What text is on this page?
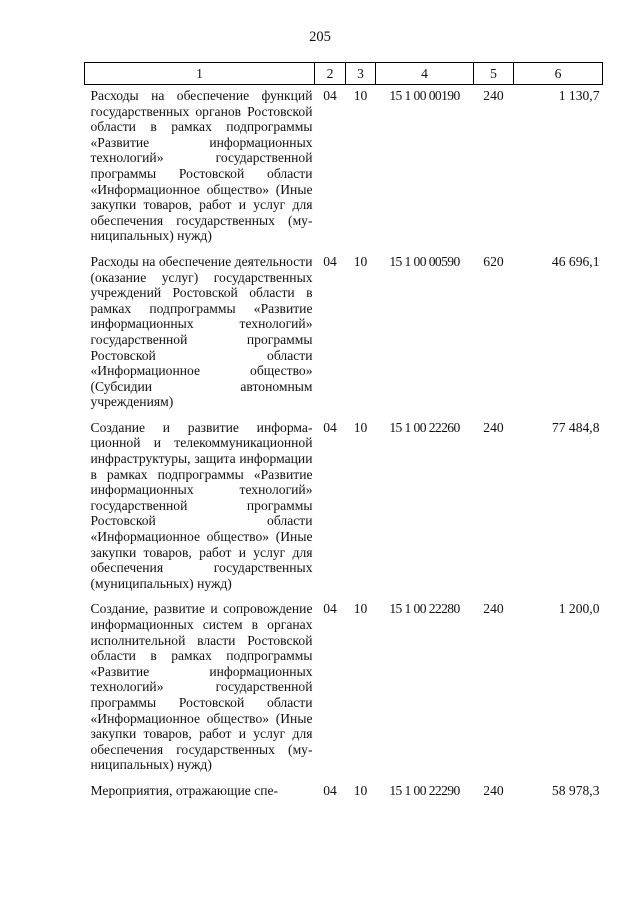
205
1	2	3	4	5	6
Расходы на обеспечение функций государственных органов Ростовской области в рамках подпрограммы «Развитие информационных технологий» государственной программы Ростовской области «Информационное общество» (Иные закупки товаров, работ и услуг для обеспечения государственных (муниципальных) нужд)	04	10	15 1 00 00190	240	1 130,7
Расходы на обеспечение деятельности (оказание услуг) государственных учреждений Ростовской области в рамках подпрограммы «Развитие информационных технологий» государственной программы Ростовской области «Информационное общество» (Субсидии автономным учреждениям)	04	10	15 1 00 00590	620	46 696,1
Создание и развитие информационной и телекоммуникационной инфраструктуры, защита информации в рамках подпрограммы «Развитие информационных технологий» государственной программы Ростовской области «Информационное общество» (Иные закупки товаров, работ и услуг для обеспечения государственных (муниципальных) нужд)	04	10	15 1 00 22260	240	77 484,8
Создание, развитие и сопровождение информационных систем в органах исполнительной власти Ростовской области в рамках подпрограммы «Развитие информационных технологий» государственной программы Ростовской области «Информационное общество» (Иные закупки товаров, работ и услуг для обеспечения государственных (муниципальных) нужд)	04	10	15 1 00 22280	240	1 200,0
Мероприятия, отражающие спе-	04	10	15 1 00 22290	240	58 978,3
